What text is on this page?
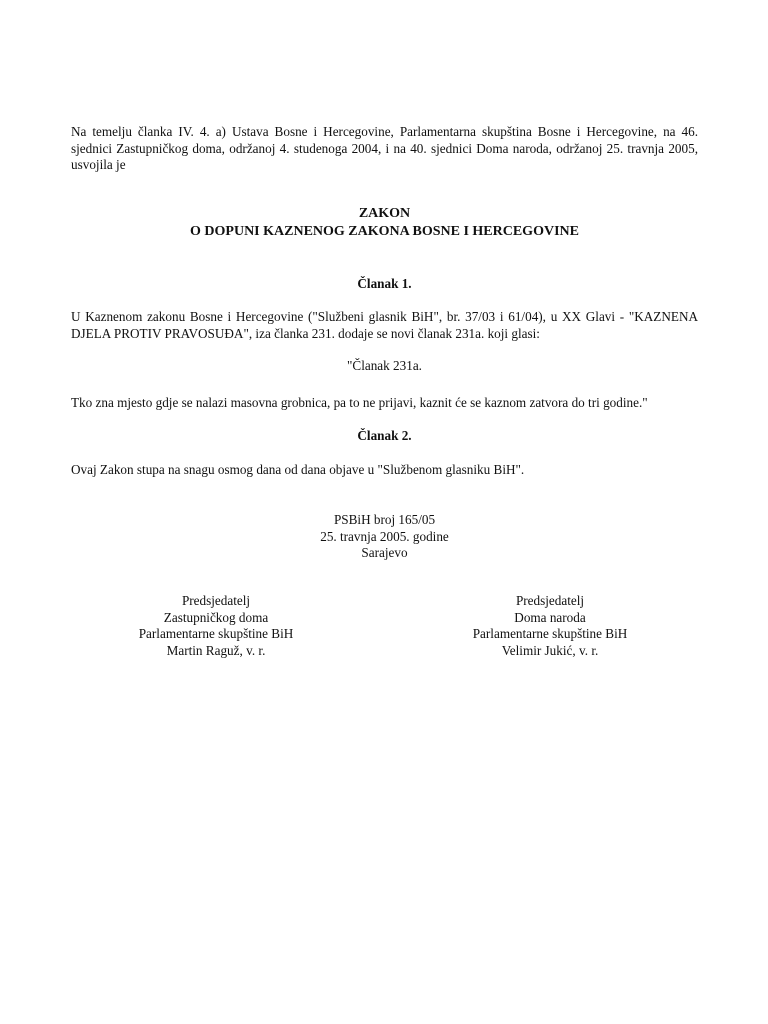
Na temelju članka IV. 4. a) Ustava Bosne i Hercegovine, Parlamentarna skupština Bosne i Hercegovine, na 46. sjednici Zastupničkog doma, održanoj 4. studenoga 2004, i na 40. sjednici Doma naroda, održanoj 25. travnja 2005, usvojila je
ZAKON
O DOPUNI KAZNENOG ZAKONA BOSNE I HERCEGOVINE
Članak 1.
U Kaznenom zakonu Bosne i Hercegovine ("Službeni glasnik BiH", br. 37/03 i 61/04), u XX Glavi - "KAZNENA DJELA PROTIV PRAVOSUĐA", iza članka 231. dodaje se novi članak 231a. koji glasi:
"Članak 231a.
Tko zna mjesto gdje se nalazi masovna grobnica, pa to ne prijavi, kaznit će se kaznom zatvora do tri godine."
Članak 2.
Ovaj Zakon stupa na snagu osmog dana od dana objave u "Službenom glasniku BiH".
PSBiH broj 165/05
25. travnja 2005. godine
Sarajevo
Predsjedatelj
Zastupničkog doma
Parlamentarne skupštine BiH
Martin Raguž, v. r.
Predsjedatelj
Doma naroda
Parlamentarne skupštine BiH
Velimir Jukić, v. r.
